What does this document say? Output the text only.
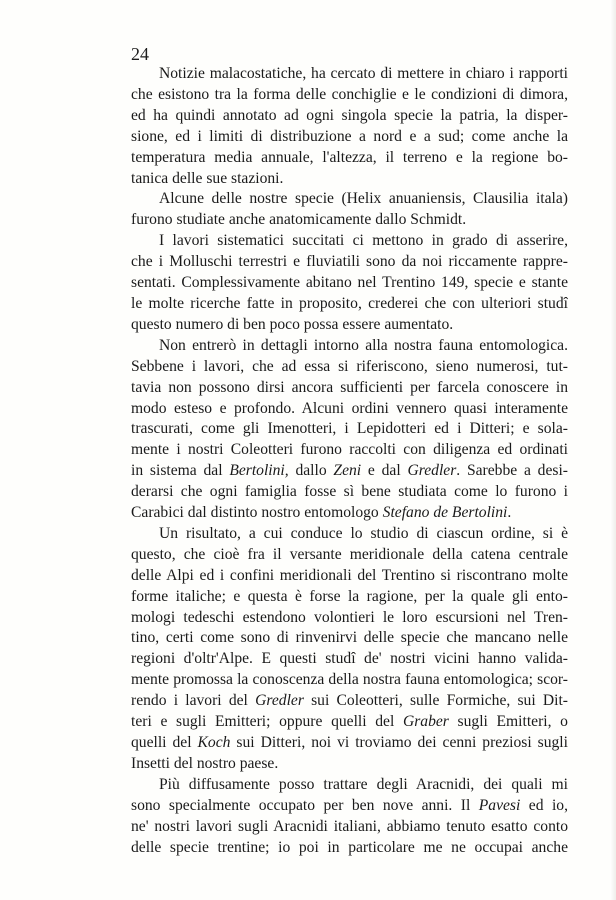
24
Notizie malacostatiche, ha cercato di mettere in chiaro i rapporti
che esistono tra la forma delle conchiglie e le condizioni di dimora,
ed ha quindi annotato ad ogni singola specie la patria, la disper-
sione, ed i limiti di distribuzione a nord e a sud; come anche la
temperatura media annuale, l'altezza, il terreno e la regione bo-
tanica delle sue stazioni.
Alcune delle nostre specie (Helix anuaniensis, Clausilia itala)
furono studiate anche anatomicamente dallo Schmidt.
I lavori sistematici succitati ci mettono in grado di asserire,
che i Molluschi terrestri e fluviatili sono da noi riccamente rappre-
sentati. Complessivamente abitano nel Trentino 149, specie e stante
le molte ricerche fatte in proposito, crederei che con ulteriori studî
questo numero di ben poco possa essere aumentato.
Non entrerò in dettagli intorno alla nostra fauna entomologica.
Sebbene i lavori, che ad essa si riferiscono, sieno numerosi, tut-
tavia non possono dirsi ancora sufficienti per farcela conoscere in
modo esteso e profondo. Alcuni ordini vennero quasi interamente
trascurati, come gli Imenotteri, i Lepidotteri ed i Ditteri; e sola-
mente i nostri Coleotteri furono raccolti con diligenza ed ordinati
in sistema dal Bertolini, dallo Zeni e dal Gredler. Sarebbe a desi-
derarsi che ogni famiglia fosse sì bene studiata come lo furono i
Carabici dal distinto nostro entomologo Stefano de Bertolini.
Un risultato, a cui conduce lo studio di ciascun ordine, si è
questo, che cioè fra il versante meridionale della catena centrale
delle Alpi ed i confini meridionali del Trentino si riscontrano molte
forme italiche; e questa è forse la ragione, per la quale gli ento-
mologi tedeschi estendono volontieri le loro escursioni nel Tren-
tino, certi come sono di rinvenirvi delle specie che mancano nelle
regioni d'oltr'Alpe. E questi studî de' nostri vicini hanno valida-
mente promossa la conoscenza della nostra fauna entomologica; scor-
rendo i lavori del Gredler sui Coleotteri, sulle Formiche, sui Dit-
teri e sugli Emitteri; oppure quelli del Graber sugli Emitteri, o
quelli del Koch sui Ditteri, noi vi troviamo dei cenni preziosi sugli
Insetti del nostro paese.
Più diffusamente posso trattare degli Aracnidi, dei quali mi
sono specialmente occupato per ben nove anni. Il Pavesi ed io,
ne' nostri lavori sugli Aracnidi italiani, abbiamo tenuto esatto conto
delle specie trentine; io poi in particolare me ne occupai anche
